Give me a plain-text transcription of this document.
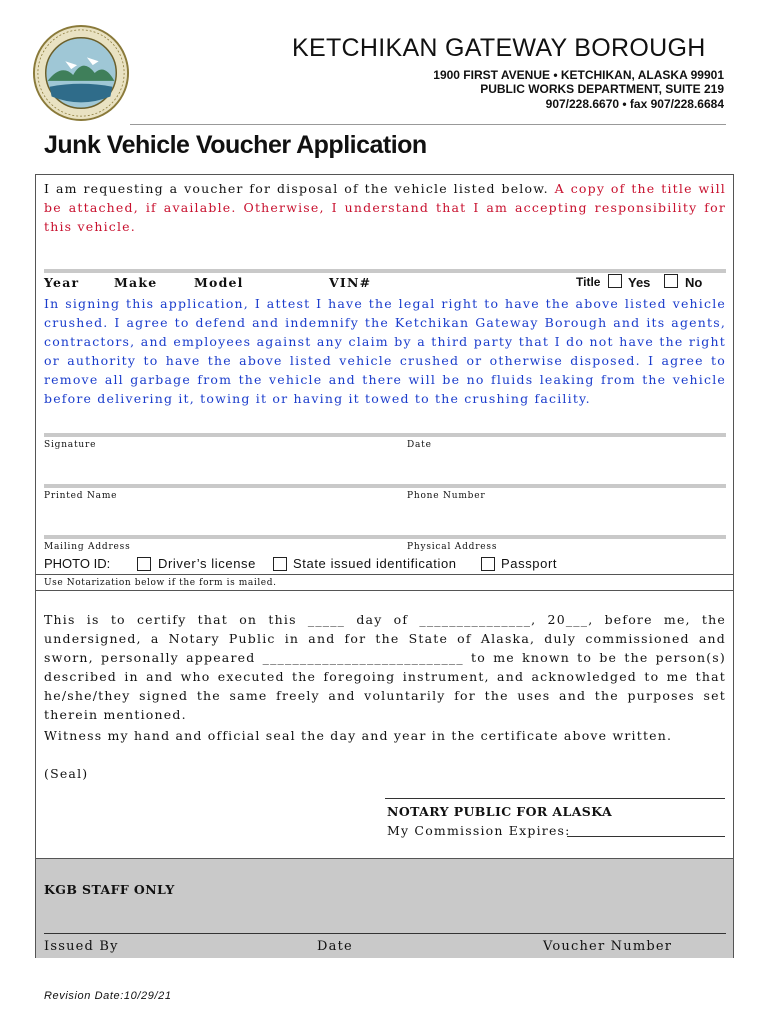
KETCHIKAN GATEWAY BOROUGH
1900 FIRST AVENUE • KETCHIKAN, ALASKA 99901
PUBLIC WORKS DEPARTMENT, SUITE 219
907/228.6670 • fax 907/228.6684
Junk Vehicle Voucher Application
I am requesting a voucher for disposal of the vehicle listed below. A copy of the title will be attached, if available. Otherwise, I understand that I am accepting responsibility for this vehicle.
Year	Make	Model	VIN#	Title Yes	No
In signing this application, I attest I have the legal right to have the above listed vehicle crushed. I agree to defend and indemnify the Ketchikan Gateway Borough and its agents, contractors, and employees against any claim by a third party that I do not have the right or authority to have the above listed vehicle crushed or otherwise disposed. I agree to remove all garbage from the vehicle and there will be no fluids leaking from the vehicle before delivering it, towing it or having it towed to the crushing facility.
Signature	Date
Printed Name	Phone Number
Mailing Address	Physical Address
PHOTO ID:	Driver’s license	State issued identification	Passport
Use Notarization below if the form is mailed.
This is to certify that on this _____ day of _______________, 20___, before me, the undersigned, a Notary Public in and for the State of Alaska, duly commissioned and sworn, personally appeared ___________________________ to me known to be the person(s) described in and who executed the foregoing instrument, and acknowledged to me that he/she/they signed the same freely and voluntarily for the uses and the purposes set therein mentioned.
Witness my hand and official seal the day and year in the certificate above written.
(Seal)
NOTARY PUBLIC FOR ALASKA
My Commission Expires:
KGB STAFF ONLY
Issued By	Date	Voucher Number
Revision Date:10/29/21
